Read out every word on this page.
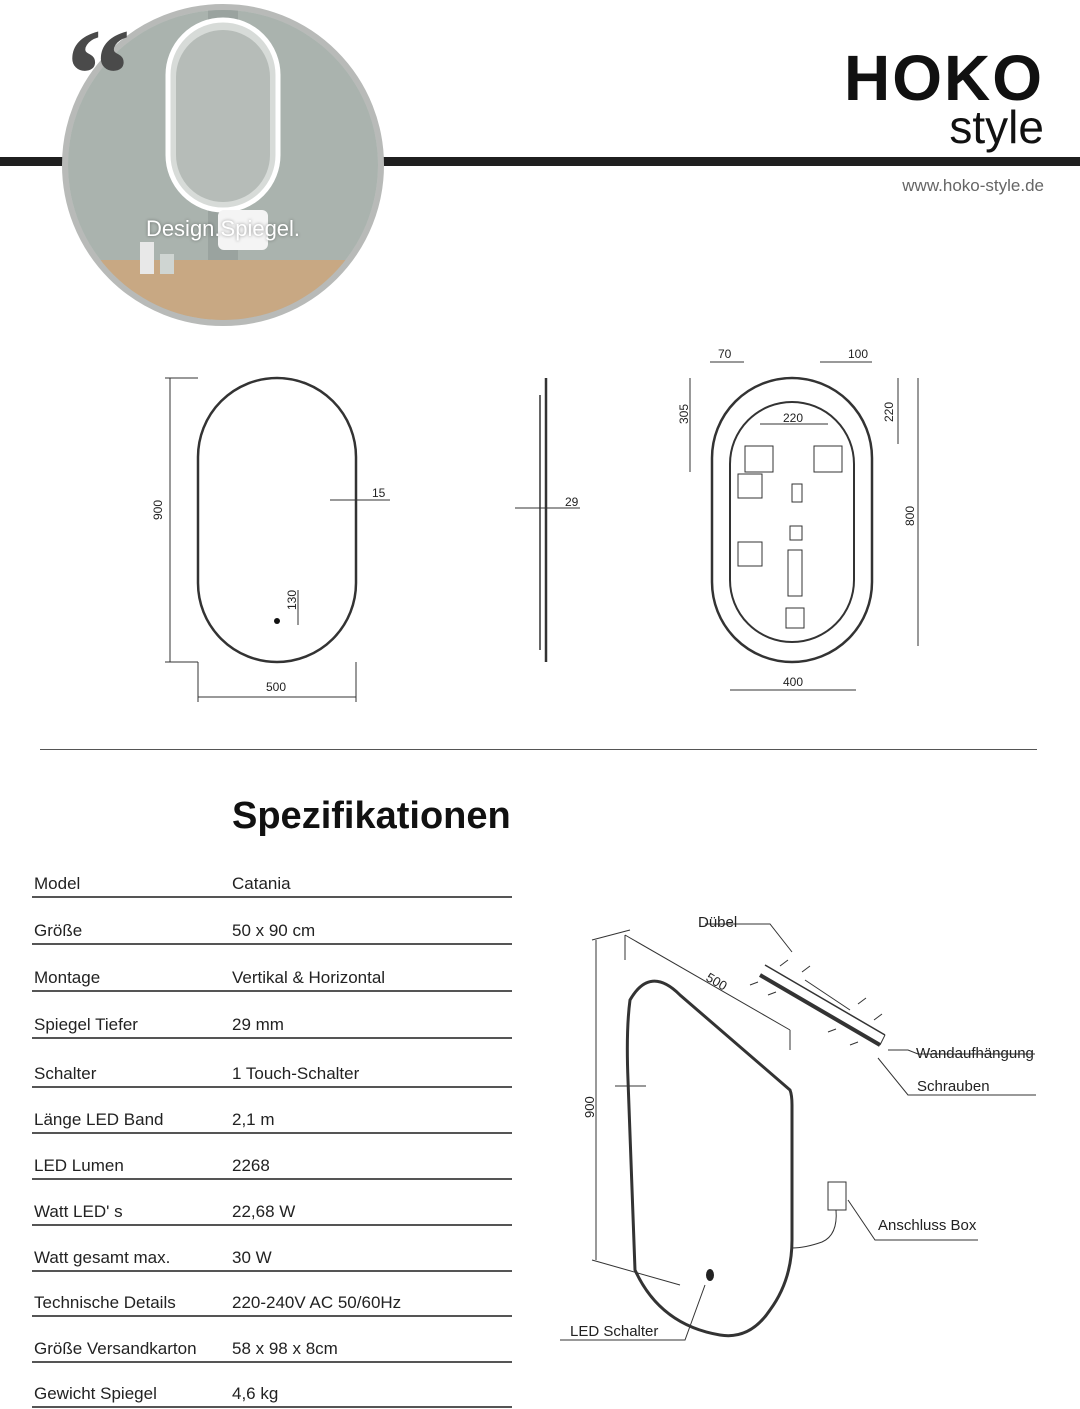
Design.Spiegel.
“	HOKO
style
www.hoko-style.de
900
500
15
130
29
70	100
305	220	220
800
400
Spezifikationen
Model	Catania
Größe	50 x 90 cm
Montage	Vertikal & Horizontal
Spiegel Tiefer	29 mm
Schalter	1 Touch-Schalter
Länge LED Band	2,1 m
LED Lumen	2268
Watt LED' s	22,68 W
Watt gesamt max.	30 W
Technische Details	220-240V AC 50/60Hz
Größe Versandkarton 58 x 98 x 8cm
Gewicht Spiegel	4,6 kg
Dübel
500
900
Wandaufhängung
Schrauben
Anschluss Box
LED Schalter
